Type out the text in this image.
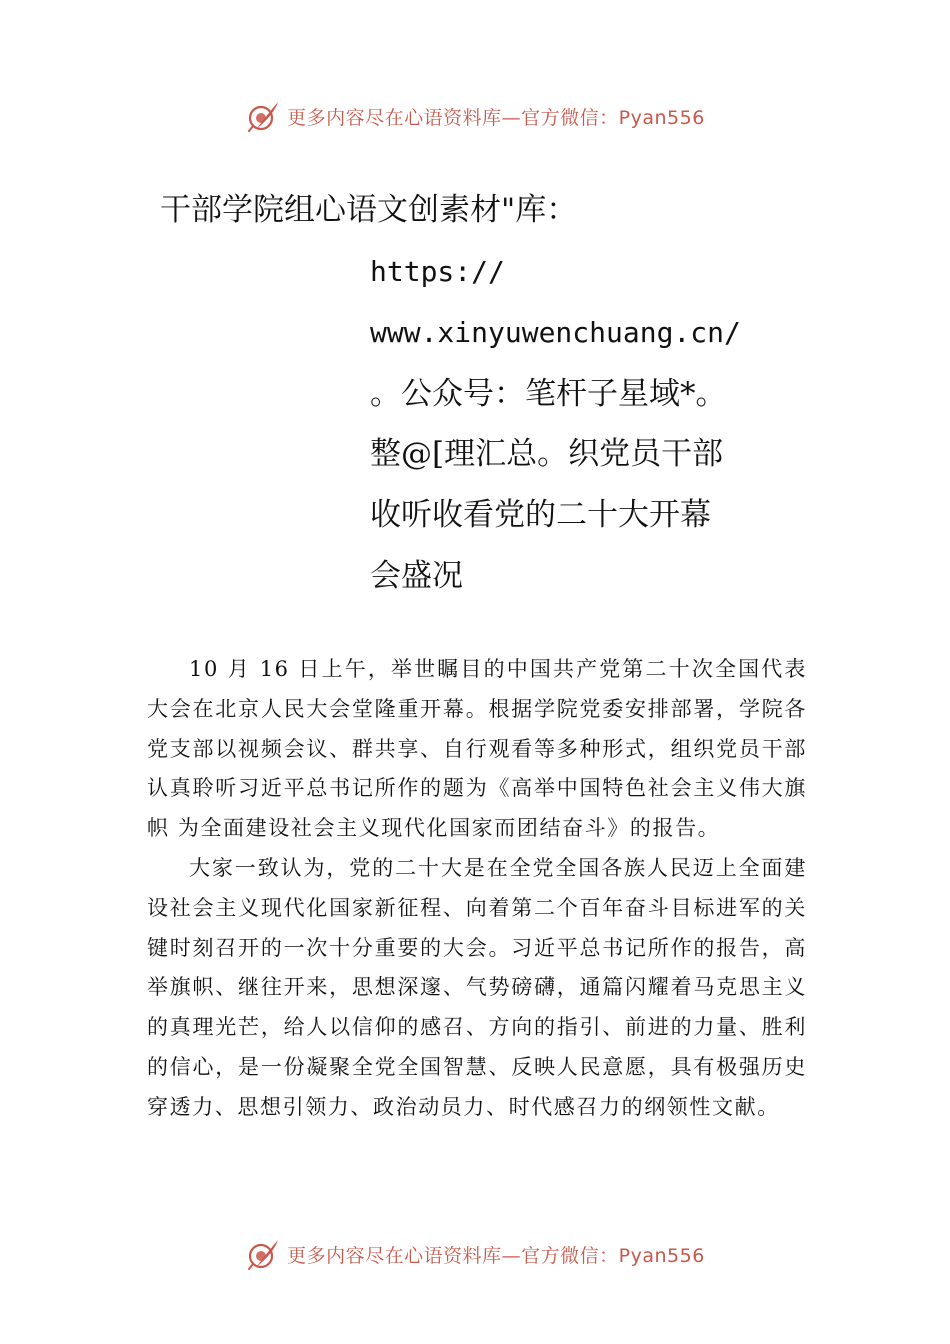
更多内容尽在心语资料库—官方微信：Pyan556
干部学院组心语文创素材"库：
https://
www.xinyuwenchuang.cn/
。公众号：笔杆子星域*。
整@[理汇总。织党员干部
收听收看党的二十大开幕
会盛况

10 月 16 日上午，举世瞩目的中国共产党第二十次全国代表大会在北京人民大会堂隆重开幕。根据学院党委安排部署，学院各党支部以视频会议、群共享、自行观看等多种形式，组织党员干部认真聆听习近平总书记所作的题为《高举中国特色社会主义伟大旗帜 为全面建设社会主义现代化国家而团结奋斗》的报告。

大家一致认为，党的二十大是在全党全国各族人民迈上全面建设社会主义现代化国家新征程、向着第二个百年奋斗目标进军的关键时刻召开的一次十分重要的大会。习近平总书记所作的报告，高举旗帜、继往开来，思想深邃、气势磅礴，通篇闪耀着马克思主义的真理光芒，给人以信仰的感召、方向的指引、前进的力量、胜利的信心，是一份凝聚全党全国智慧、反映人民意愿，具有极强历史穿透力、思想引领力、政治动员力、时代感召力的纲领性文献。

更多内容尽在心语资料库—官方微信：Pyan556
